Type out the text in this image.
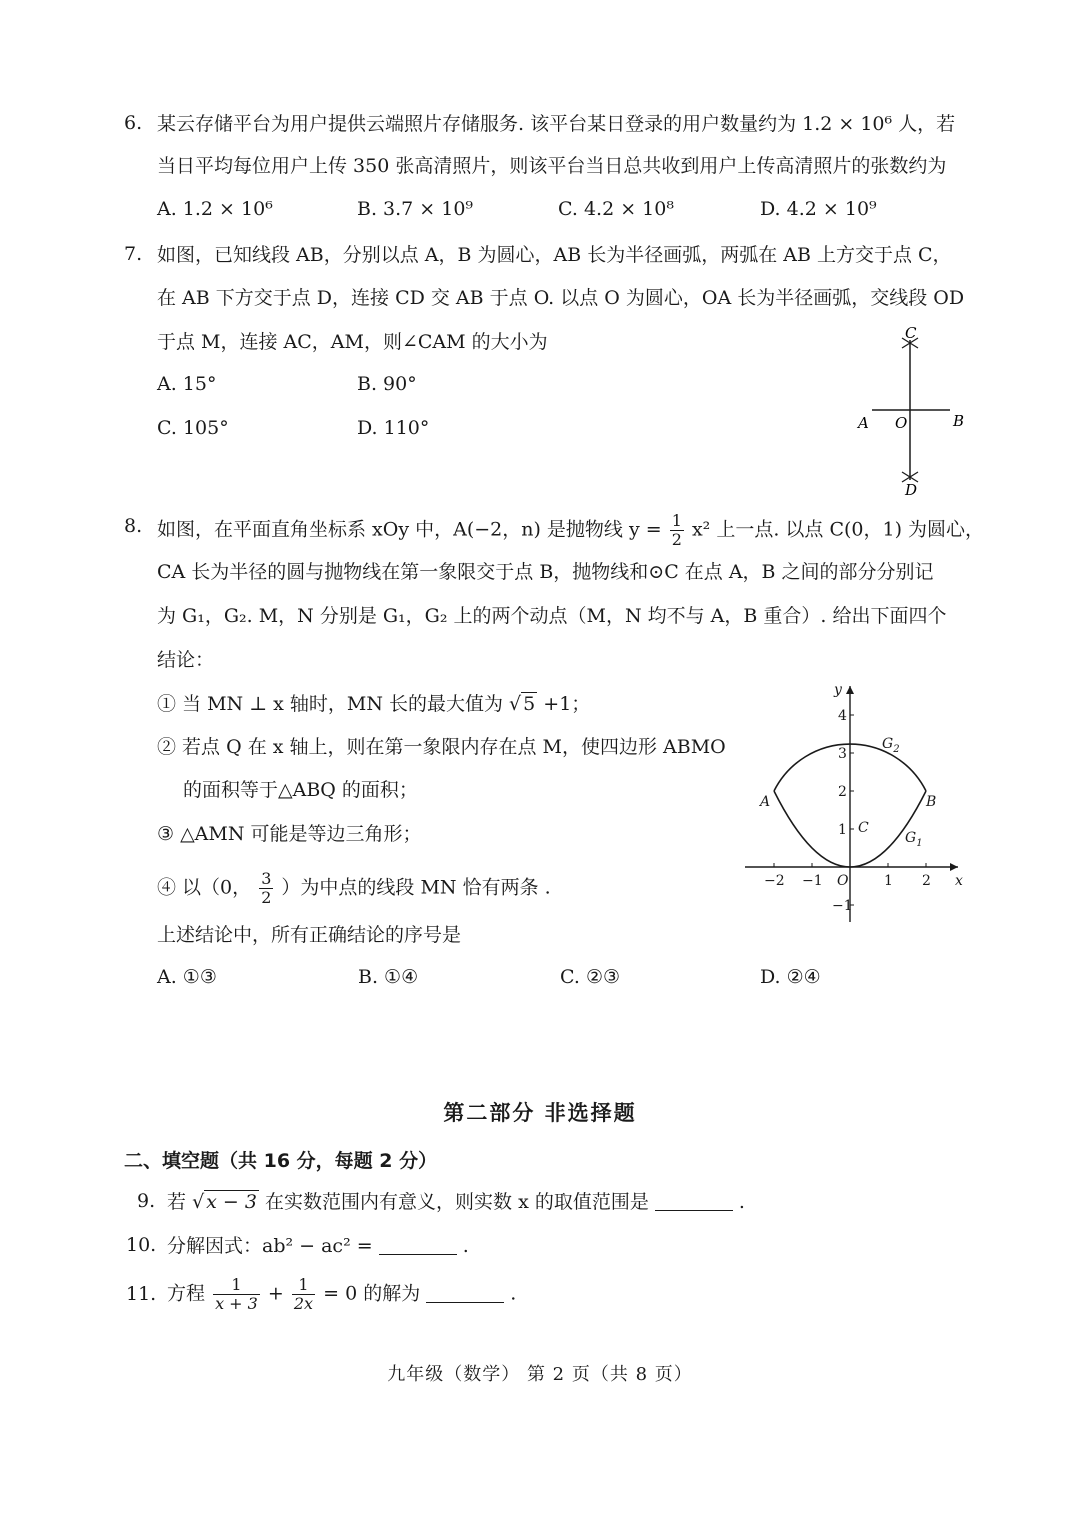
6. 某云存储平台为用户提供云端照片存储服务. 该平台某日登录的用户数量约为 1.2 × 10⁶ 人，若
当日平均每位用户上传 350 张高清照片，则该平台当日总共收到用户上传高清照片的张数约为
A. 1.2 × 10⁶	B. 3.7 × 10⁹	C. 4.2 × 10⁸	D. 4.2 × 10⁹
7. 如图，已知线段 AB，分别以点 A，B 为圆心，AB 长为半径画弧，两弧在 AB 上方交于点 C，
在 AB 下方交于点 D，连接 CD 交 AB 于点 O. 以点 O 为圆心，OA 长为半径画弧，交线段 OD
于点 M，连接 AC，AM，则∠CAM 的大小为
A. 15°	B. 90°
C. 105°	D. 110°
C
A O	B
D
8. 如图，在平面直角坐标系 xOy 中，A(−2，n) 是抛物线 $y = \frac{1}{2} x^2$ 上一点. 以点 C(0，1) 为圆心，
CA 长为半径的圆与抛物线在第一象限交于点 B，抛物线和⊙C 在点 A，B 之间的部分分别记
为 G₁，G₂. M，N 分别是 G₁，G₂ 上的两个动点（M，N 均不与 A，B 重合）. 给出下面四个
结论：
① 当 MN ⊥ x 轴时，MN 长的最大值为 √ 5 +1；
② 若点 Q 在 x 轴上，则在第一象限内存在点 M，使四边形 ABMO
的面积等于△ABQ 的面积；
③ △AMN 可能是等边三角形；
④ 以（0， $\frac{3}{2}$ ）为中点的线段 MN 恰有两条 .
上述结论中，所有正确结论的序号是
A. ①③	B. ①④	C. ②③	D. ②④
x
y
O
−2 −1	1 2
4
3
2
1
−1
$G_2$
$G_1$
A	B
C
第二部分 非选择题
二、填空题（共 16 分，每题 2 分）
9. 若 √ x − 3 在实数范围内有意义，则实数 x 的取值范围是	.
10. 分解因式：ab² − ac² =	.
11. 方程 $\frac{1}{x + 3} + \frac{1}{2x} = 0$ 的解为	.
九年级（数学） 第 2 页（共 8 页）
